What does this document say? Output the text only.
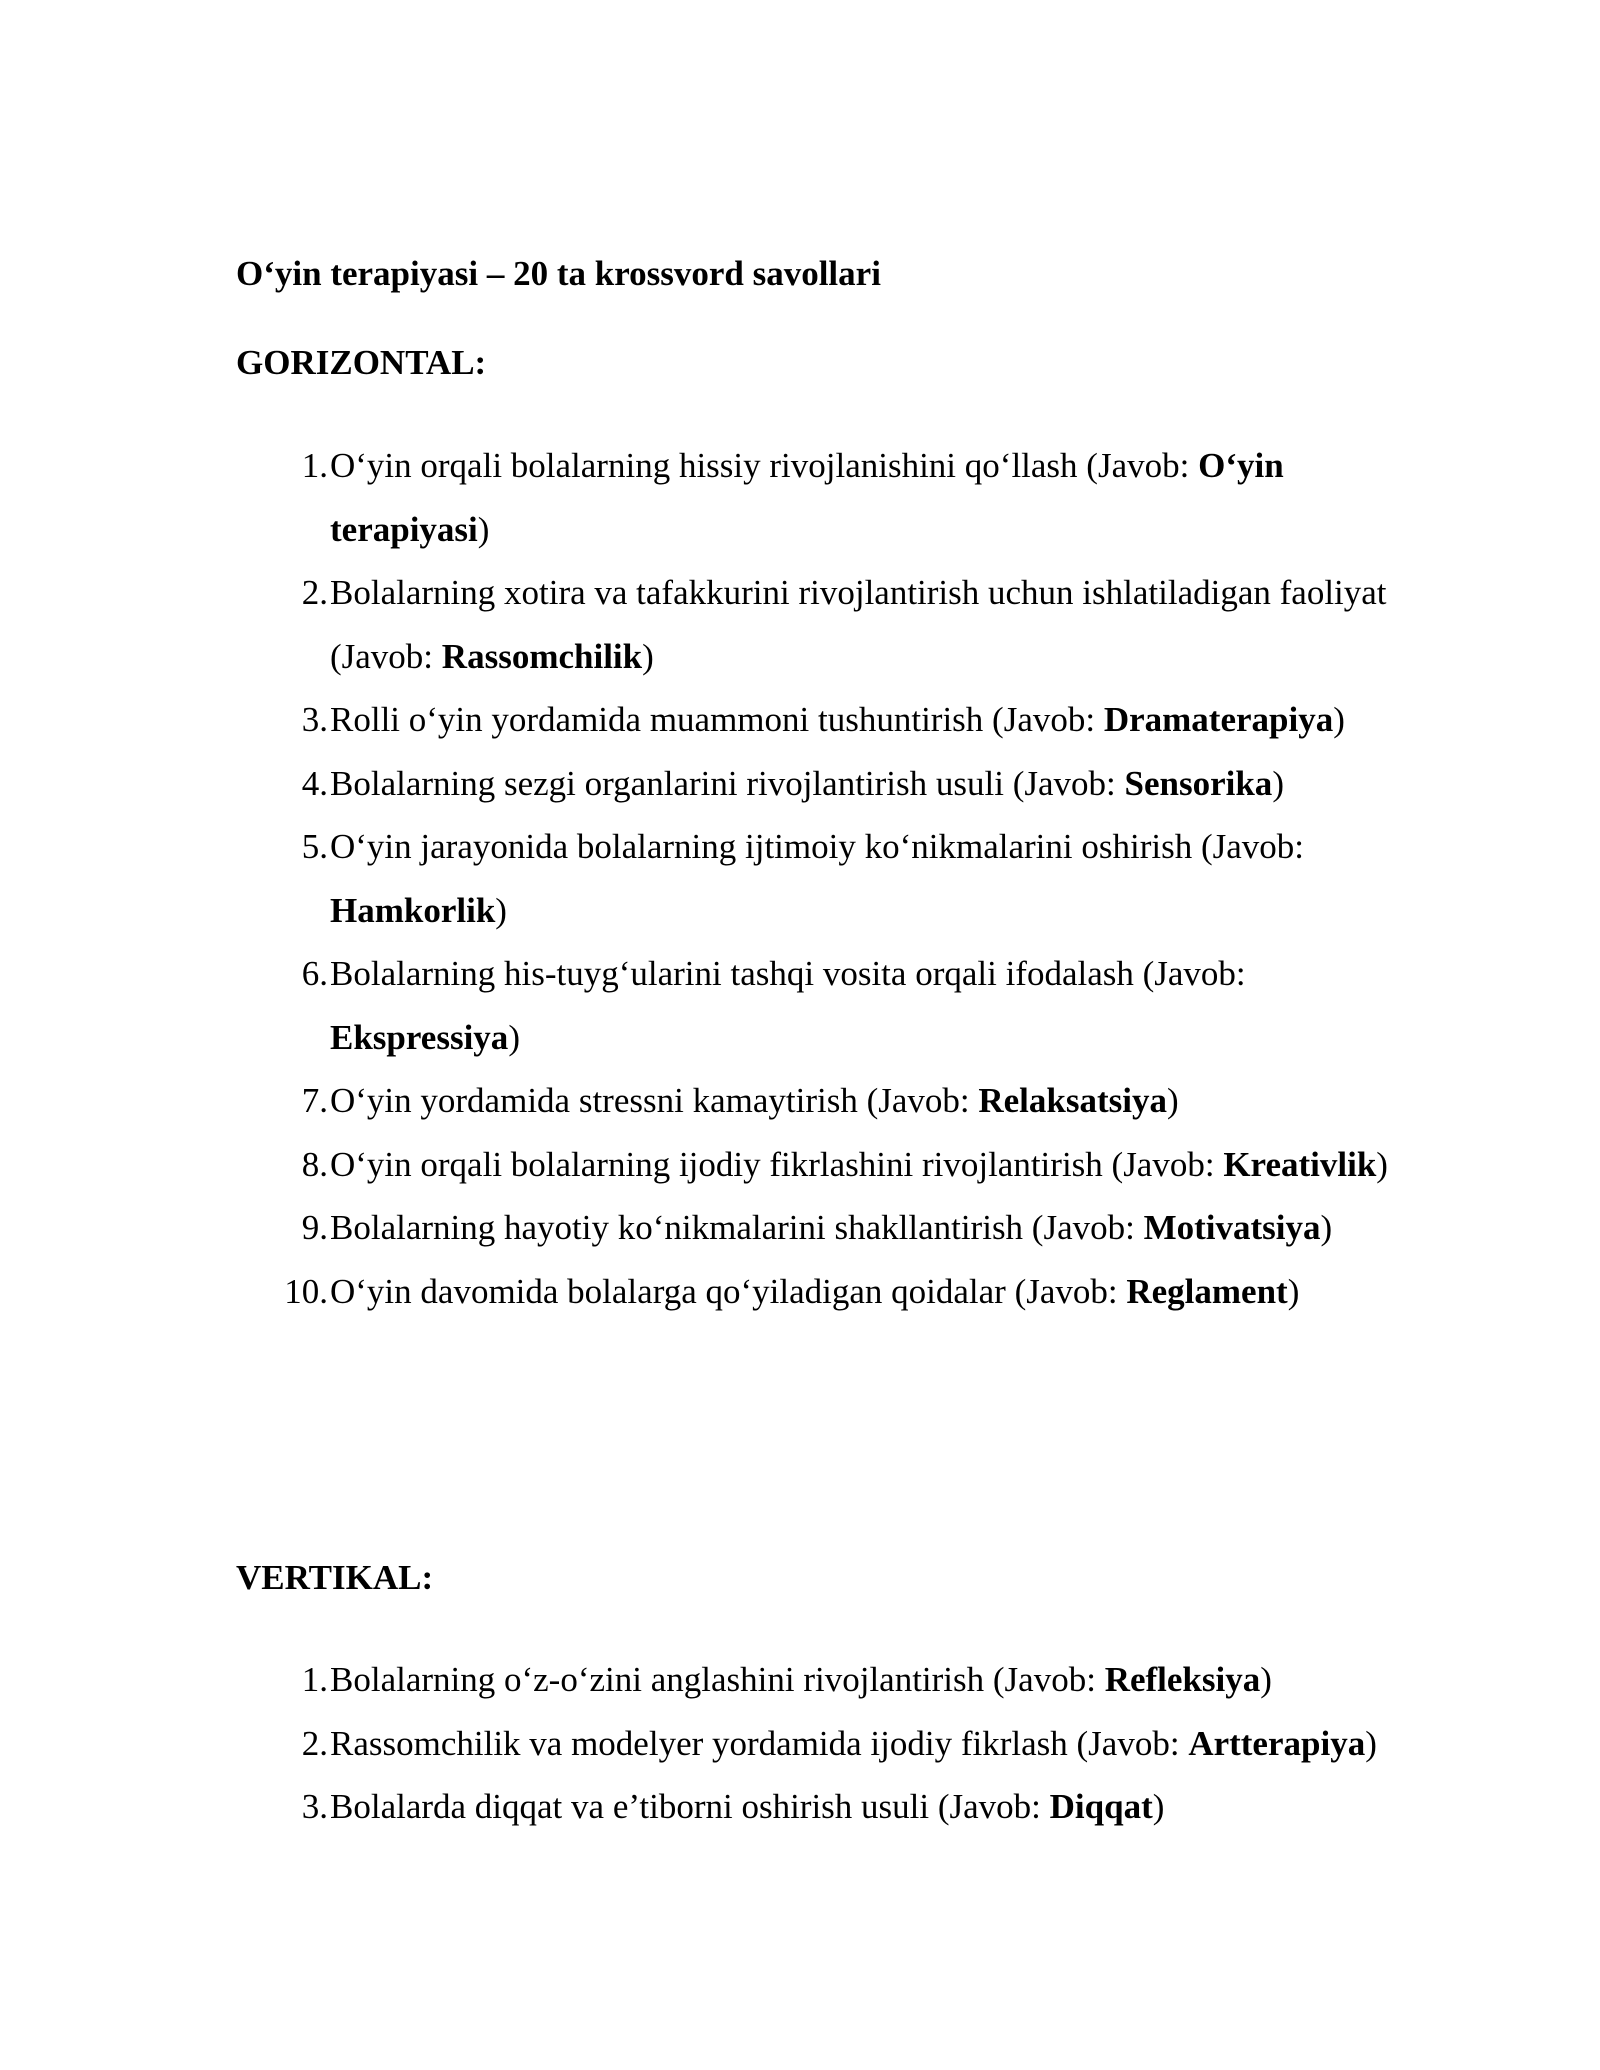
O‘yin terapiyasi – 20 ta krossvord savollari
GORIZONTAL:
1. O‘yin orqali bolalarning hissiy rivojlanishini qo‘llash (Javob: O‘yin terapiyasi)
2. Bolalarning xotira va tafakkurini rivojlantirish uchun ishlatiladigan faoliyat (Javob: Rassomchilik)
3. Rolli o‘yin yordamida muammoni tushuntirish (Javob: Dramaterapiya)
4. Bolalarning sezgi organlarini rivojlantirish usuli (Javob: Sensorika)
5. O‘yin jarayonida bolalarning ijtimoiy ko‘nikmalarini oshirish (Javob: Hamkorlik)
6. Bolalarning his-tuyg‘ularini tashqi vosita orqali ifodalash (Javob: Ekspressiya)
7. O‘yin yordamida stressni kamaytirish (Javob: Relaksatsiya)
8. O‘yin orqali bolalarning ijodiy fikrlashini rivojlantirish (Javob: Kreativlik)
9. Bolalarning hayotiy ko‘nikmalarini shakllantirish (Javob: Motivatsiya)
10. O‘yin davomida bolalarga qo‘yiladigan qoidalar (Javob: Reglament)
VERTIKAL:
1. Bolalarning o‘z-o‘zini anglashini rivojlantirish (Javob: Refleksiya)
2. Rassomchilik va modelyer yordamida ijodiy fikrlash (Javob: Artterapiya)
3. Bolalarda diqqat va e’tiborni oshirish usuli (Javob: Diqqat)
